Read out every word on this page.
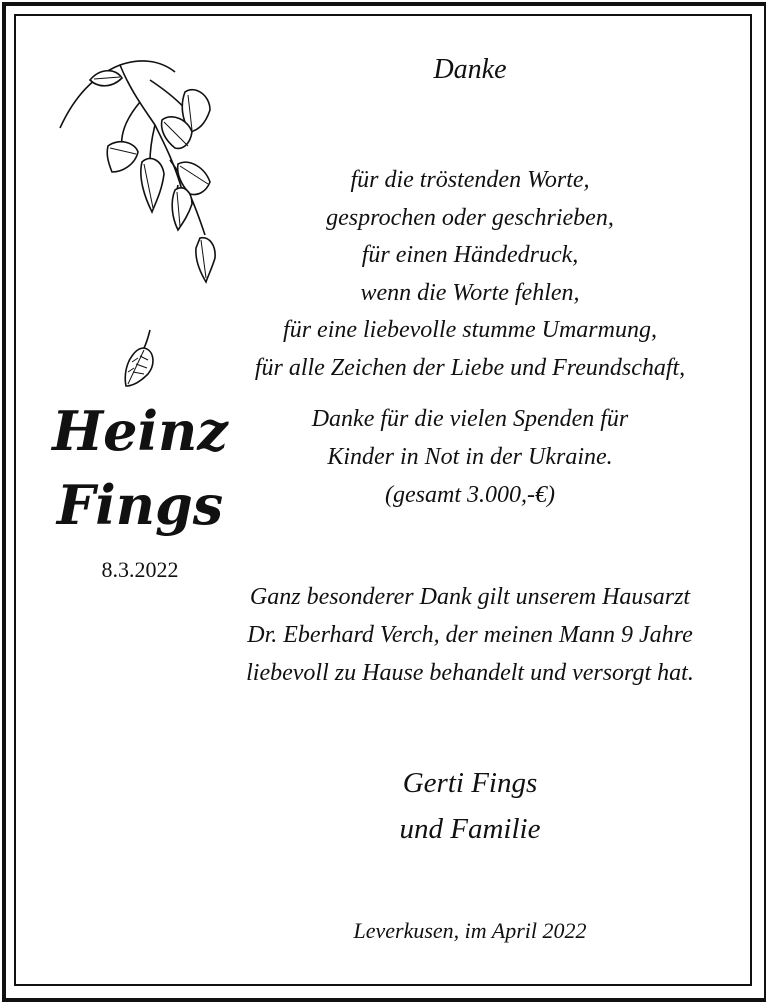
Danke
für die tröstenden Worte,
gesprochen oder geschrieben,
für einen Händedruck,
wenn die Worte fehlen,
für eine liebevolle stumme Umarmung,
für alle Zeichen der Liebe und Freundschaft,
Danke für die vielen Spenden für
Kinder in Not in der Ukraine.
(gesamt 3.000,-€)
Ganz besonderer Dank gilt unserem Hausarzt
Dr. Eberhard Verch, der meinen Mann 9 Jahre
liebevoll zu Hause behandelt und versorgt hat.
Gerti Fings
und Familie
Leverkusen, im April 2022
Heinz
Fings
8.3.2022
